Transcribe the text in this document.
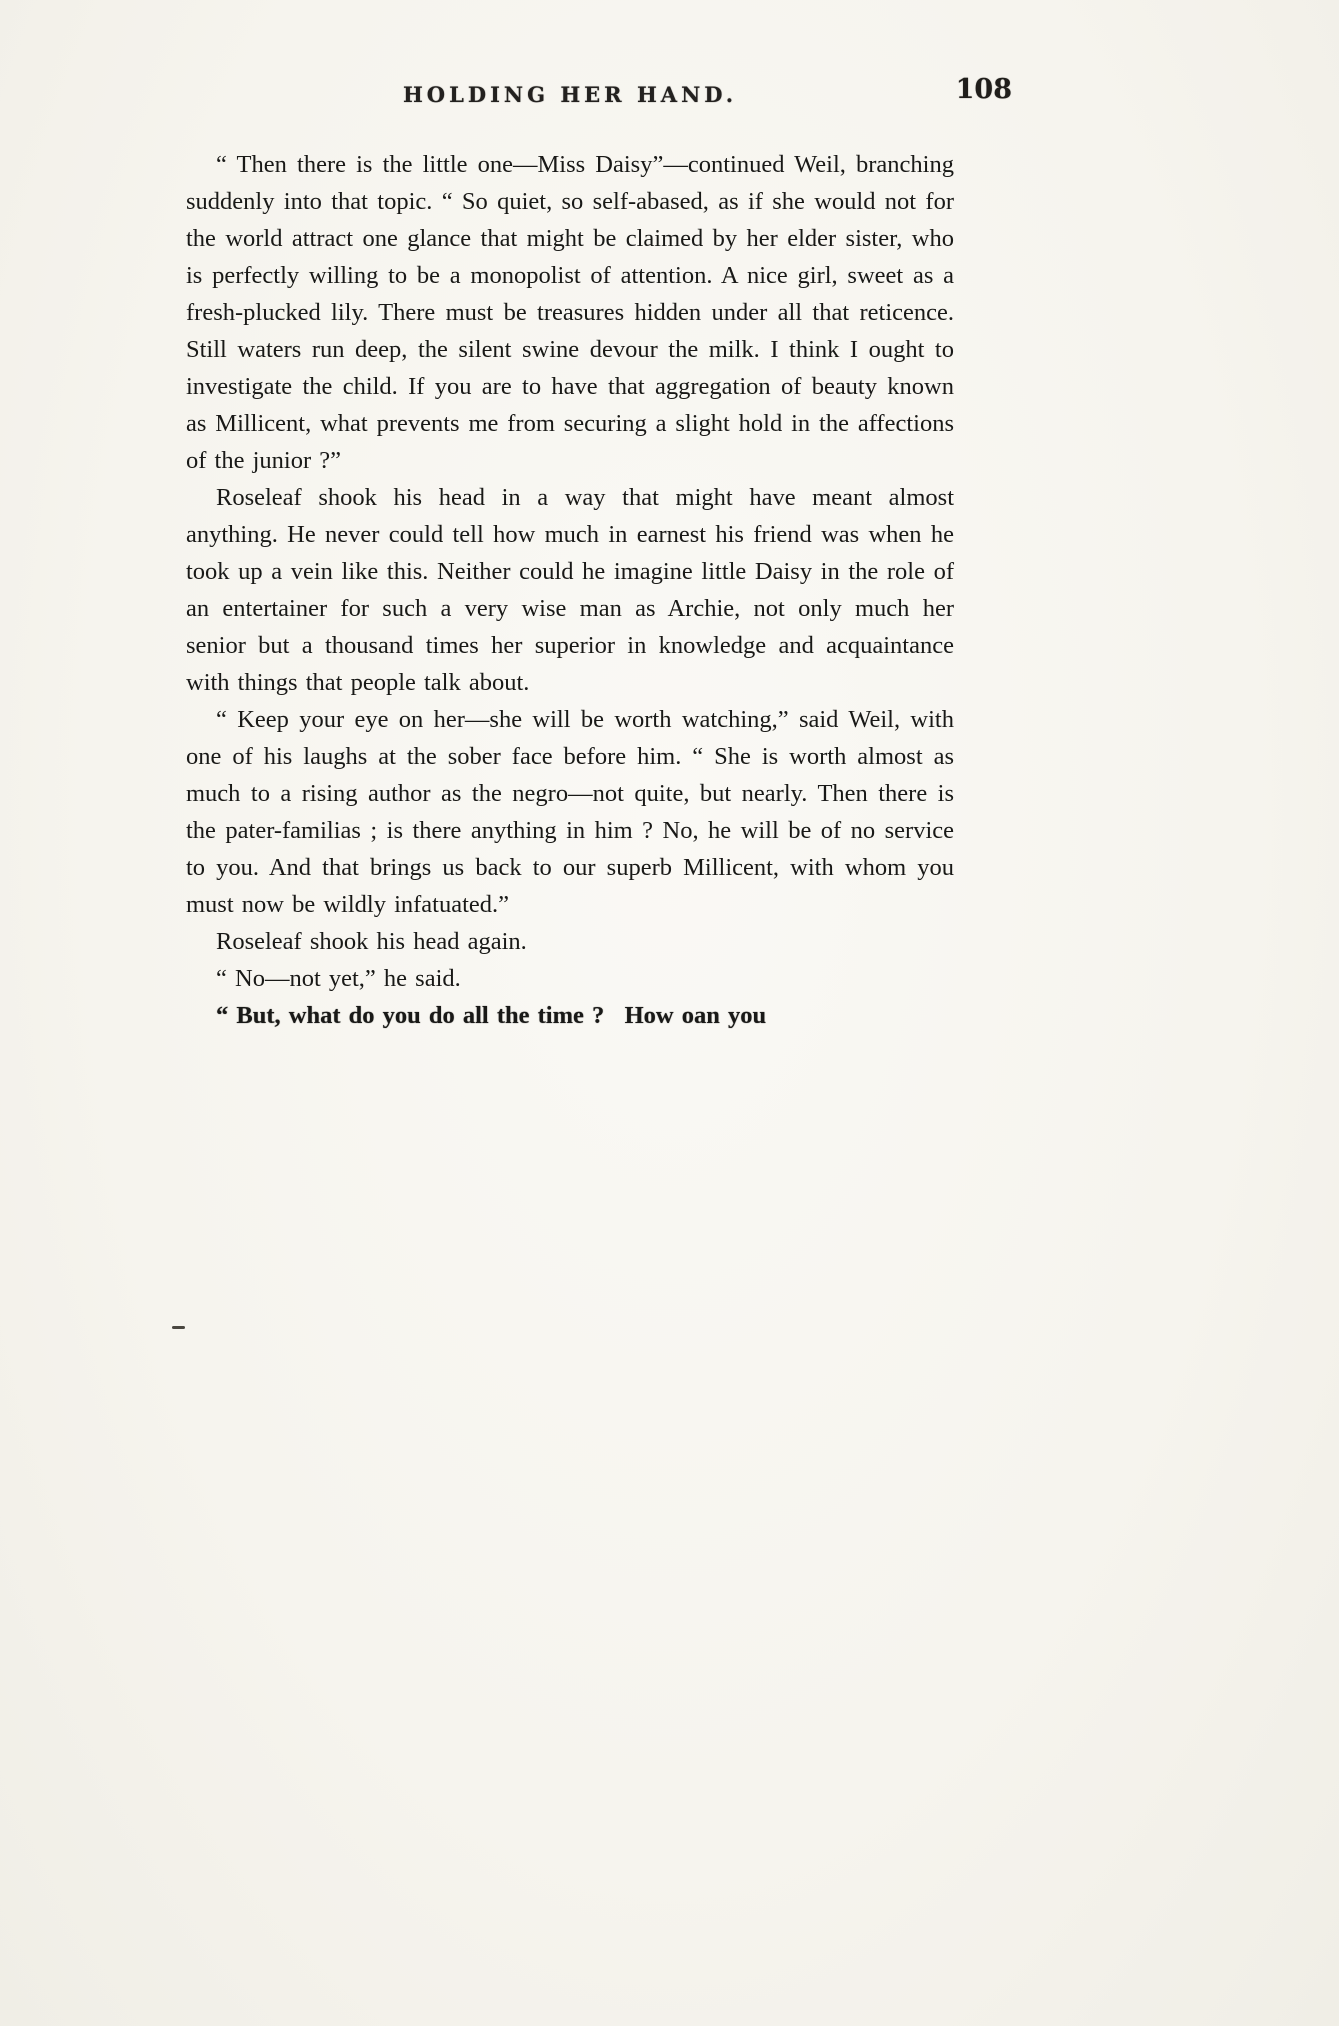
HOLDING HER HAND.	108

“ Then there is the little one—Miss Daisy”—continued Weil, branching suddenly into that topic. “ So quiet, so self-abased, as if she would not for the world attract one glance that might be claimed by her elder sister, who is perfectly willing to be a monopolist of attention. A nice girl, sweet as a fresh-plucked lily. There must be treasures hidden under all that reticence. Still waters run deep, the silent swine devour the milk. I think I ought to investigate the child. If you are to have that aggregation of beauty known as Millicent, what prevents me from securing a slight hold in the affections of the junior ?”

Roseleaf shook his head in a way that might have meant almost anything. He never could tell how much in earnest his friend was when he took up a vein like this. Neither could he imagine little Daisy in the role of an entertainer for such a very wise man as Archie, not only much her senior but a thousand times her superior in knowledge and acquaintance with things that people talk about.

“ Keep your eye on her—she will be worth watching,” said Weil, with one of his laughs at the sober face before him. “ She is worth almost as much to a rising author as the negro—not quite, but nearly. Then there is the pater-familias ; is there anything in him ? No, he will be of no service to you. And that brings us back to our superb Millicent, with whom you must now be wildly infatuated.”

Roseleaf shook his head again.

“ No—not yet,” he said.

“ But, what do you do all the time ?  How oan you
